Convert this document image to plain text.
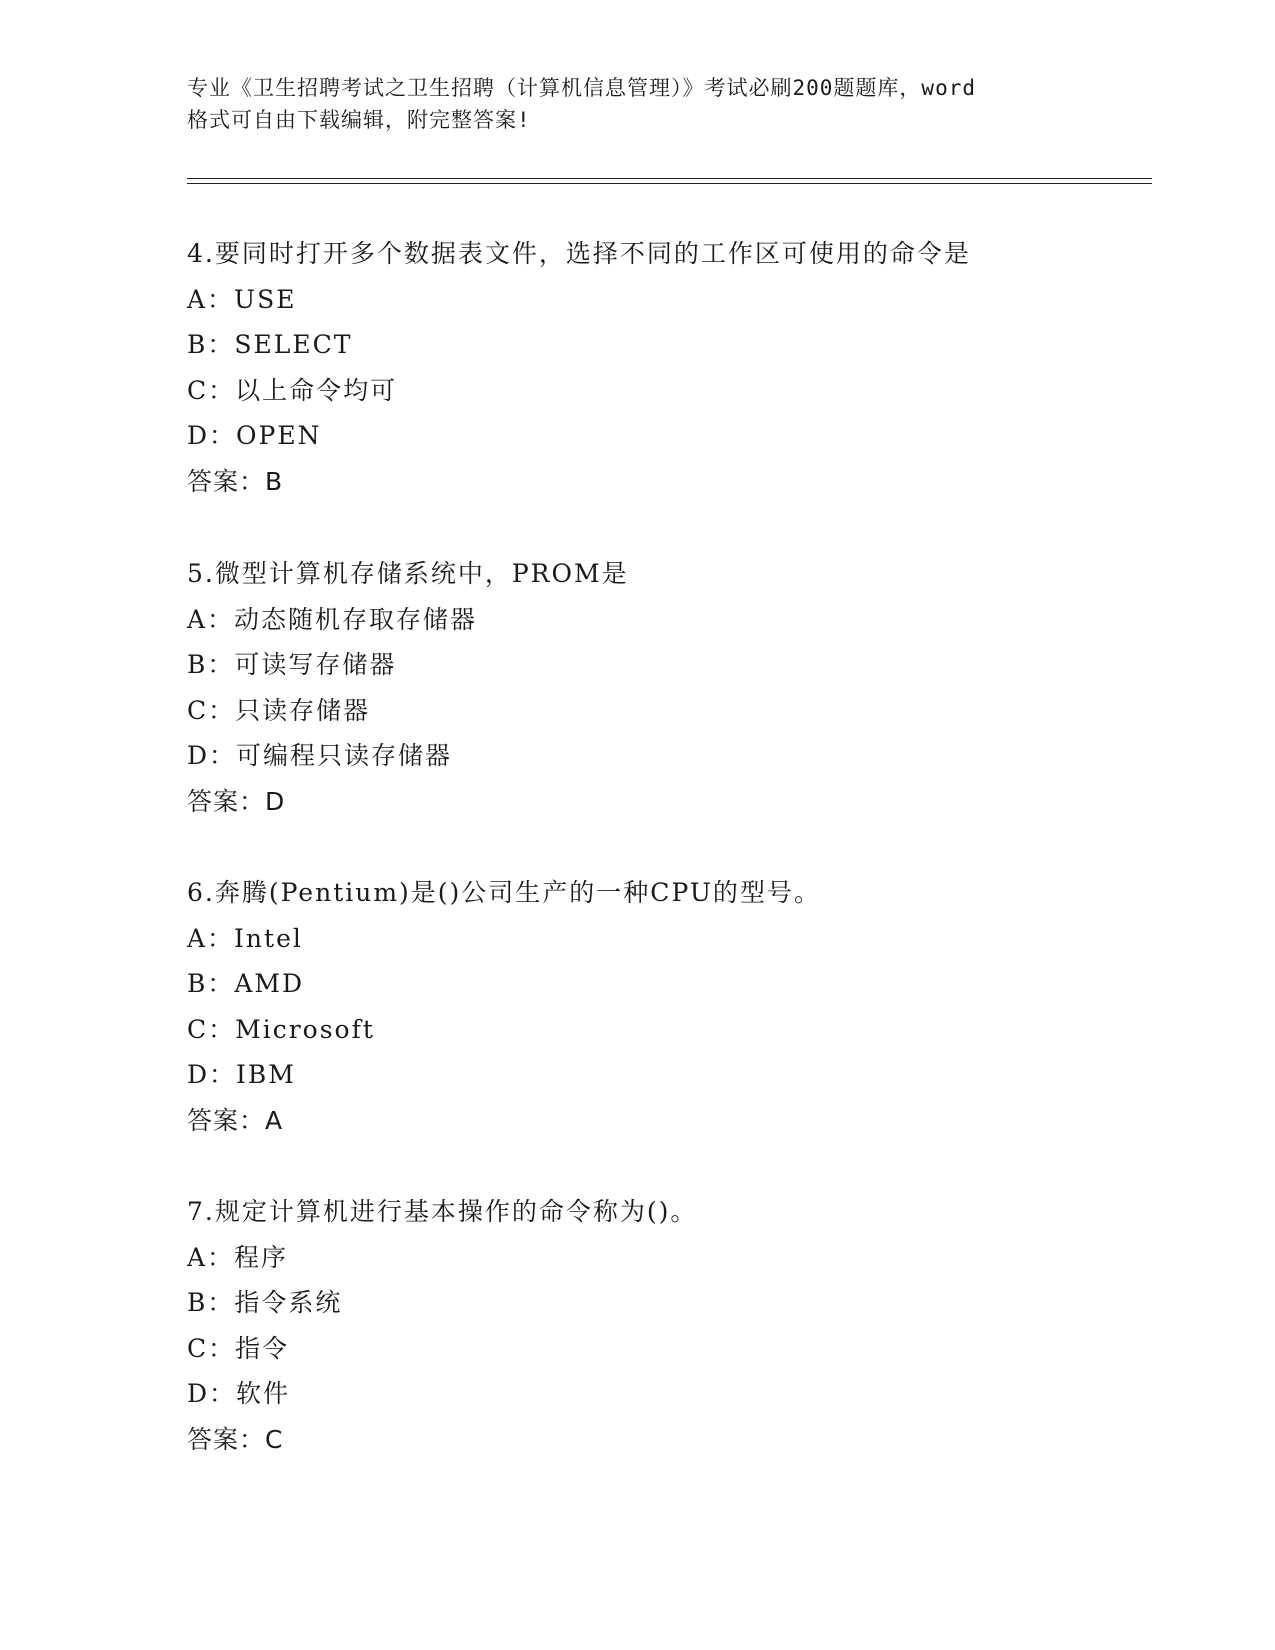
专业《卫生招聘考试之卫生招聘（计算机信息管理）》考试必刷200题题库，word
格式可自由下载编辑，附完整答案!
4.要同时打开多个数据表文件，选择不同的工作区可使用的命令是
A：USE
B：SELECT
C：以上命令均可
D：OPEN
答案：B
5.微型计算机存储系统中，PROM是
A：动态随机存取存储器
B：可读写存储器
C：只读存储器
D：可编程只读存储器
答案：D
6.奔腾(Pentium)是()公司生产的一种CPU的型号。
A：Intel
B：AMD
C：Microsoft
D：IBM
答案：A
7.规定计算机进行基本操作的命令称为()。
A：程序
B：指令系统
C：指令
D：软件
答案：C
